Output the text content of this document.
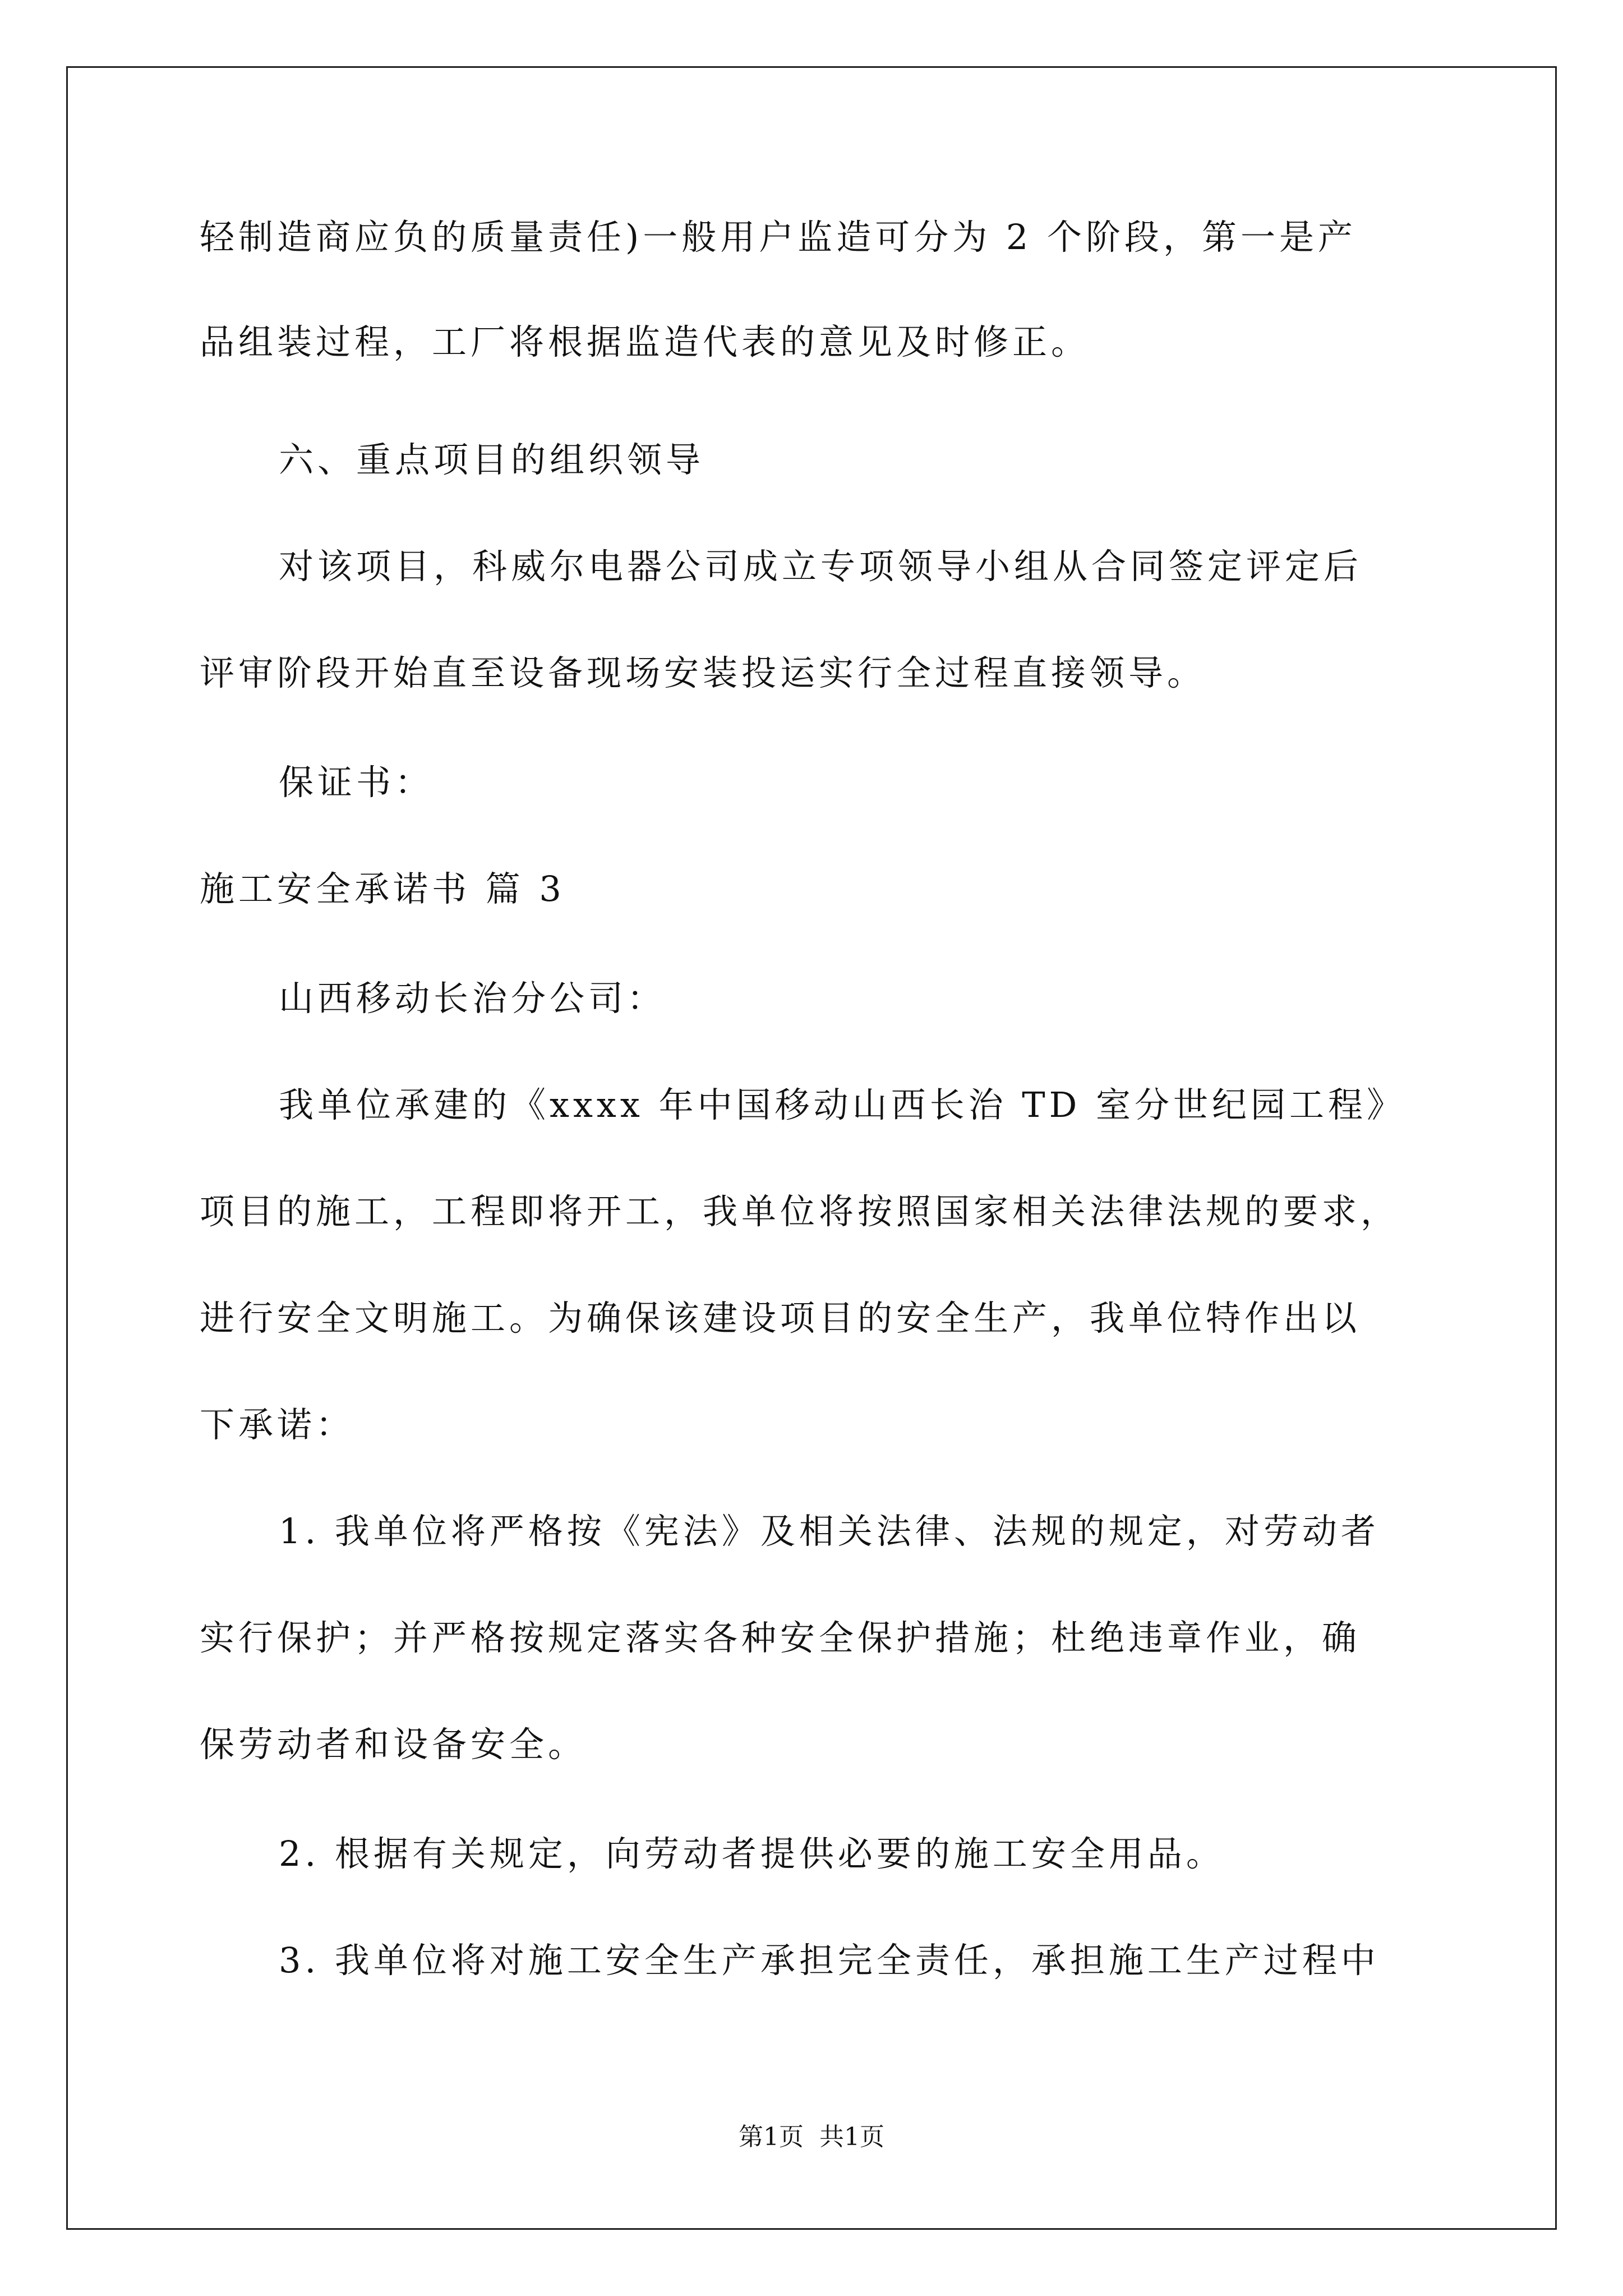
轻制造商应负的质量责任)一般用户监造可分为 2 个阶段，第一是产
品组装过程，工厂将根据监造代表的意见及时修正。
六、重点项目的组织领导
对该项目，科威尔电器公司成立专项领导小组从合同签定评定后
评审阶段开始直至设备现场安装投运实行全过程直接领导。
保证书：
施工安全承诺书 篇 3
山西移动长治分公司：
我单位承建的《xxxx 年中国移动山西长治 TD 室分世纪园工程》
项目的施工，工程即将开工，我单位将按照国家相关法律法规的要求，
进行安全文明施工。为确保该建设项目的安全生产，我单位特作出以
下承诺：
1. 我单位将严格按《宪法》及相关法律、法规的规定，对劳动者
实行保护；并严格按规定落实各种安全保护措施；杜绝违章作业，确
保劳动者和设备安全。
2. 根据有关规定，向劳动者提供必要的施工安全用品。
3. 我单位将对施工安全生产承担完全责任，承担施工生产过程中
第1页 共1页
